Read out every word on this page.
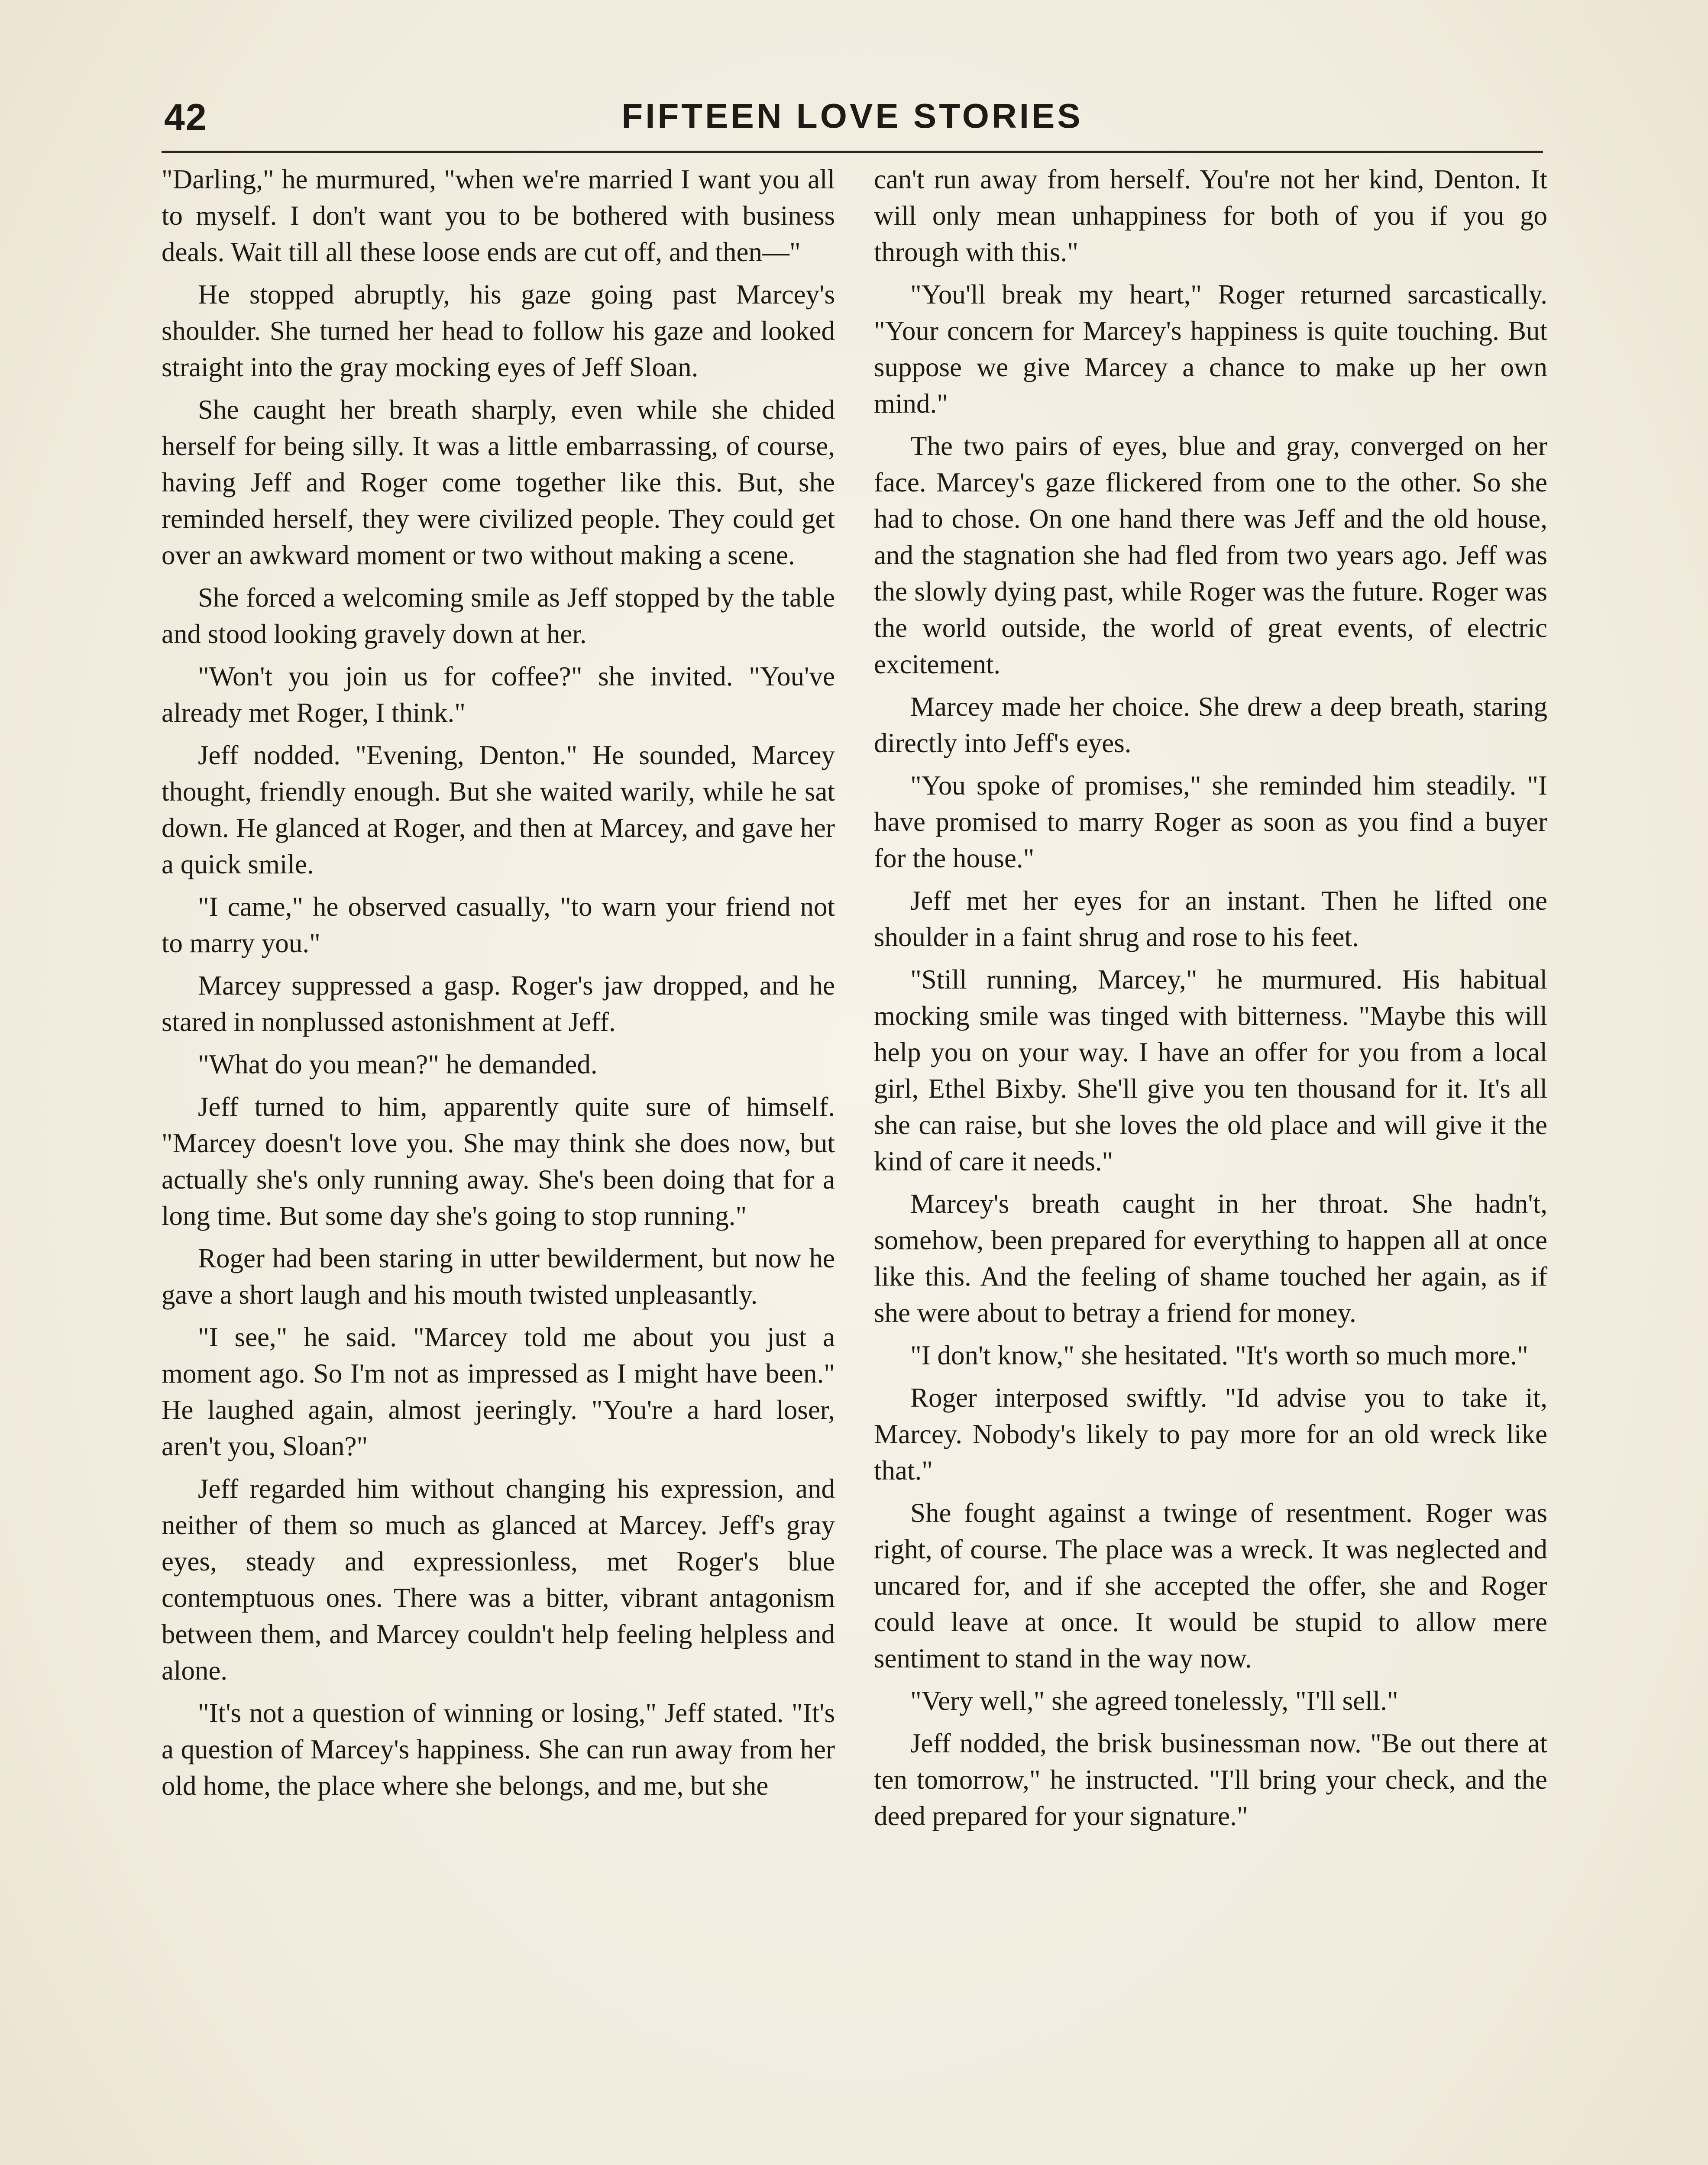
42	FIFTEEN LOVE STORIES

"Darling," he murmured, "when we're married I want you all to myself. I don't want you to be bothered with business deals. Wait till all these loose ends are cut off, and then—"

He stopped abruptly, his gaze going past Marcey's shoulder. She turned her head to follow his gaze and looked straight into the gray mocking eyes of Jeff Sloan.

She caught her breath sharply, even while she chided herself for being silly. It was a little embarrassing, of course, having Jeff and Roger come together like this. But, she reminded herself, they were civilized people. They could get over an awkward moment or two without making a scene.

She forced a welcoming smile as Jeff stopped by the table and stood looking gravely down at her.

"Won't you join us for coffee?" she invited. "You've already met Roger, I think."

Jeff nodded. "Evening, Denton." He sounded, Marcey thought, friendly enough. But she waited warily, while he sat down. He glanced at Roger, and then at Marcey, and gave her a quick smile.

"I came," he observed casually, "to warn your friend not to marry you."

Marcey suppressed a gasp. Roger's jaw dropped, and he stared in nonplussed astonishment at Jeff.

"What do you mean?" he demanded.

Jeff turned to him, apparently quite sure of himself. "Marcey doesn't love you. She may think she does now, but actually she's only running away. She's been doing that for a long time. But some day she's going to stop running."

Roger had been staring in utter bewilderment, but now he gave a short laugh and his mouth twisted unpleasantly.

"I see," he said. "Marcey told me about you just a moment ago. So I'm not as impressed as I might have been." He laughed again, almost jeeringly. "You're a hard loser, aren't you, Sloan?"

Jeff regarded him without changing his expression, and neither of them so much as glanced at Marcey. Jeff's gray eyes, steady and expressionless, met Roger's blue contemptuous ones. There was a bitter, vibrant antagonism between them, and Marcey couldn't help feeling helpless and alone.

"It's not a question of winning or losing," Jeff stated. "It's a question of Marcey's happiness. She can run away from her old home, the place where she belongs, and me, but she

can't run away from herself. You're not her kind, Denton. It will only mean unhappiness for both of you if you go through with this."

"You'll break my heart," Roger returned sarcastically. "Your concern for Marcey's happiness is quite touching. But suppose we give Marcey a chance to make up her own mind."

The two pairs of eyes, blue and gray, converged on her face. Marcey's gaze flickered from one to the other. So she had to chose. On one hand there was Jeff and the old house, and the stagnation she had fled from two years ago. Jeff was the slowly dying past, while Roger was the future. Roger was the world outside, the world of great events, of electric excitement.

Marcey made her choice. She drew a deep breath, staring directly into Jeff's eyes.

"You spoke of promises," she reminded him steadily. "I have promised to marry Roger as soon as you find a buyer for the house."

Jeff met her eyes for an instant. Then he lifted one shoulder in a faint shrug and rose to his feet.

"Still running, Marcey," he murmured. His habitual mocking smile was tinged with bitterness. "Maybe this will help you on your way. I have an offer for you from a local girl, Ethel Bixby. She'll give you ten thousand for it. It's all she can raise, but she loves the old place and will give it the kind of care it needs."

Marcey's breath caught in her throat. She hadn't, somehow, been prepared for everything to happen all at once like this. And the feeling of shame touched her again, as if she were about to betray a friend for money.

"I don't know," she hesitated. "It's worth so much more."

Roger interposed swiftly. "Id advise you to take it, Marcey. Nobody's likely to pay more for an old wreck like that."

She fought against a twinge of resentment. Roger was right, of course. The place was a wreck. It was neglected and uncared for, and if she accepted the offer, she and Roger could leave at once. It would be stupid to allow mere sentiment to stand in the way now.

"Very well," she agreed tonelessly, "I'll sell."

Jeff nodded, the brisk businessman now. "Be out there at ten tomorrow," he instructed. "I'll bring your check, and the deed prepared for your signature."
